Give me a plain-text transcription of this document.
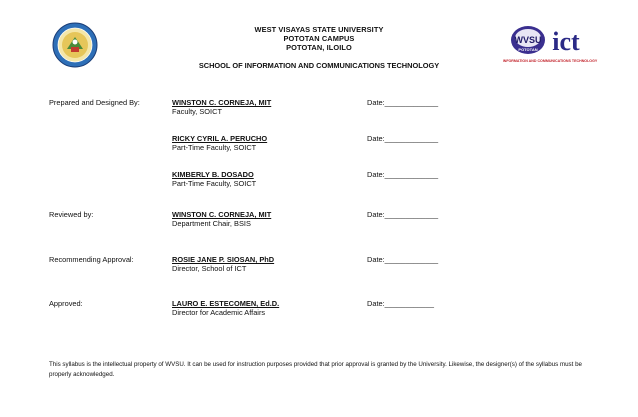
WEST VISAYAS STATE UNIVERSITY
POTOTAN CAMPUS
POTOTAN, ILOILO
SCHOOL OF INFORMATION AND COMMUNICATIONS TECHNOLOGY
WVSU
POTOTAN ict
INFORMATION AND COMMUNICATIONS TECHNOLOGY
Prepared and Designed By:	WINSTON C. CORNEJA, MIT
Faculty, SOICT
Date:_____________
RICKY CYRIL A. PERUCHO
Part-Time Faculty, SOICT
Date:_____________
KIMBERLY B. DOSADO
Part-Time Faculty, SOICT
Date:_____________
Reviewed by:	WINSTON C. CORNEJA, MIT
Department Chair, BSIS
Date:_____________
Recommending Approval:	ROSIE JANE P. SIOSAN, PhD
Director, School of ICT
Date:_____________
Approved:	LAURO E. ESTECOMEN, Ed.D.
Director for Academic Affairs
Date:____________
This syllabus is the intellectual property of WVSU. It can be used for instruction purposes provided that prior approval is granted by the University. Likewise, the designer(s) of the syllabus must be properly acknowledged.
